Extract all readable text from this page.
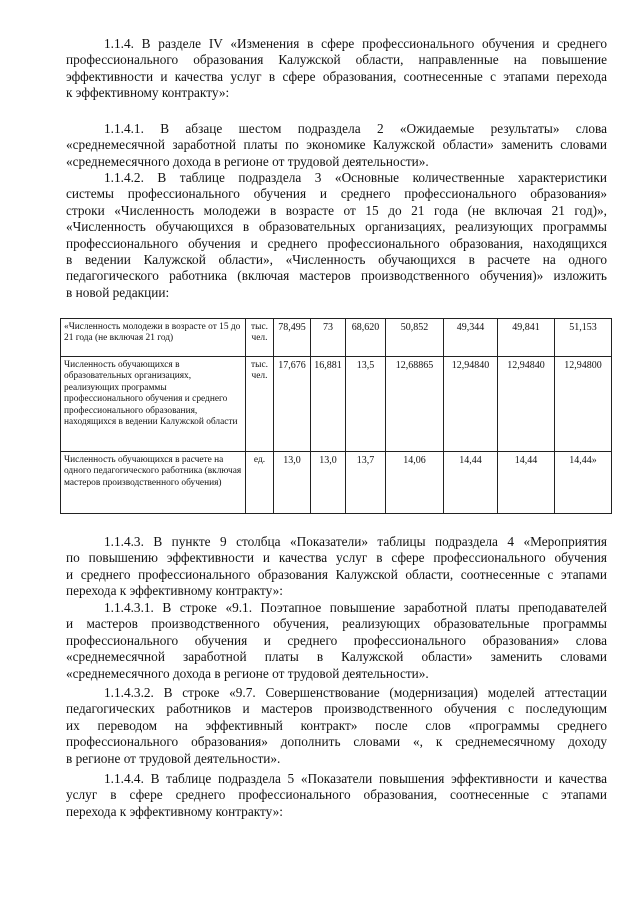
1.1.4. В разделе IV «Изменения в сфере профессионального обучения и среднего
профессионального образования Калужской области, направленные на повышение
эффективности и качества услуг в сфере образования, соотнесенные с этапами перехода
к эффективному контракту»:
1.1.4.1. В абзаце шестом подраздела 2 «Ожидаемые результаты» слова
«среднемесячной заработной платы по экономике Калужской области» заменить словами
«среднемесячного дохода в регионе от трудовой деятельности».
1.1.4.2. В таблице подраздела 3 «Основные количественные характеристики
системы профессионального обучения и среднего профессионального образования»
строки «Численность молодежи в возрасте от 15 до 21 года (не включая 21 год)»,
«Численность обучающихся в образовательных организациях, реализующих программы
профессионального обучения и среднего профессионального образования, находящихся
в ведении Калужской области», «Численность обучающихся в расчете на одного
педагогического работника (включая мастеров производственного обучения)» изложить
в новой редакции:
«Численность молодежи в возрасте от 15 до 21 года (не включая 21 год)	тыс. чел.	78,495	73	68,620	50,852	49,344	49,841	51,153
Численность обучающихся в образовательных организациях, реализующих программы профессионального обучения и среднего профессионального образования, находящихся в ведении Калужской области	тыс. чел.	17,676	16,881	13,5	12,68865	12,94840	12,94840	12,94800
Численность обучающихся в расчете на одного педагогического работника (включая мастеров производственного обучения)	ед.	13,0	13,0	13,7	14,06	14,44	14,44	14,44»
1.1.4.3. В пункте 9 столбца «Показатели» таблицы подраздела 4 «Мероприятия
по повышению эффективности и качества услуг в сфере профессионального обучения
и среднего профессионального образования Калужской области, соотнесенные с этапами
перехода к эффективному контракту»:
1.1.4.3.1. В строке «9.1. Поэтапное повышение заработной платы преподавателей
и мастеров производственного обучения, реализующих образовательные программы
профессионального обучения и среднего профессионального образования» слова
«среднемесячной заработной платы в Калужской области» заменить словами
«среднемесячного дохода в регионе от трудовой деятельности».
1.1.4.3.2. В строке «9.7. Совершенствование (модернизация) моделей аттестации
педагогических работников и мастеров производственного обучения с последующим
их переводом на эффективный контракт» после слов «программы среднего
профессионального образования» дополнить словами «, к среднемесячному доходу
в регионе от трудовой деятельности».
1.1.4.4. В таблице подраздела 5 «Показатели повышения эффективности и качества
услуг в сфере среднего профессионального образования, соотнесенные с этапами
перехода к эффективному контракту»:
